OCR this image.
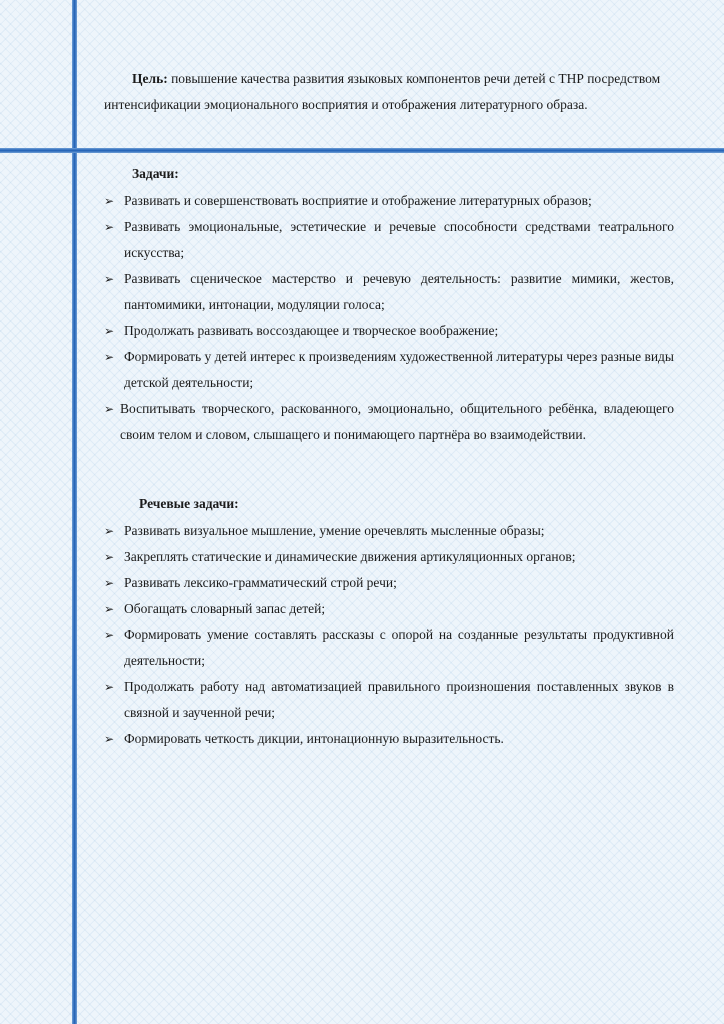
Цель: повышение качества развития языковых компонентов речи детей с ТНР посредством интенсификации эмоционального восприятия и отображения литературного образа.

Задачи:
➢ Развивать и совершенствовать восприятие и отображение литературных образов;
➢ Развивать эмоциональные, эстетические и речевые способности средствами театрального искусства;
➢ Развивать сценическое мастерство и речевую деятельность: развитие мимики, жестов, пантомимики, интонации, модуляции голоса;
➢ Продолжать развивать воссоздающее и творческое воображение;
➢ Формировать у детей интерес к произведениям художественной литературы через разные виды детской деятельности;
➢ Воспитывать творческого, раскованного, эмоционально, общительного ребёнка, владеющего своим телом и словом, слышащего и понимающего партнёра во взаимодействии.
Речевые задачи:
➢ Развивать визуальное мышление, умение оречевлять мысленные образы;
➢ Закреплять статические и динамические движения артикуляционных органов;
➢ Развивать лексико-грамматический строй речи;
➢ Обогащать словарный запас детей;
➢ Формировать умение составлять рассказы с опорой на созданные результаты продуктивной деятельности;
➢ Продолжать работу над автоматизацией правильного произношения поставленных звуков в связной и заученной речи;
➢ Формировать четкость дикции, интонационную выразительность.
